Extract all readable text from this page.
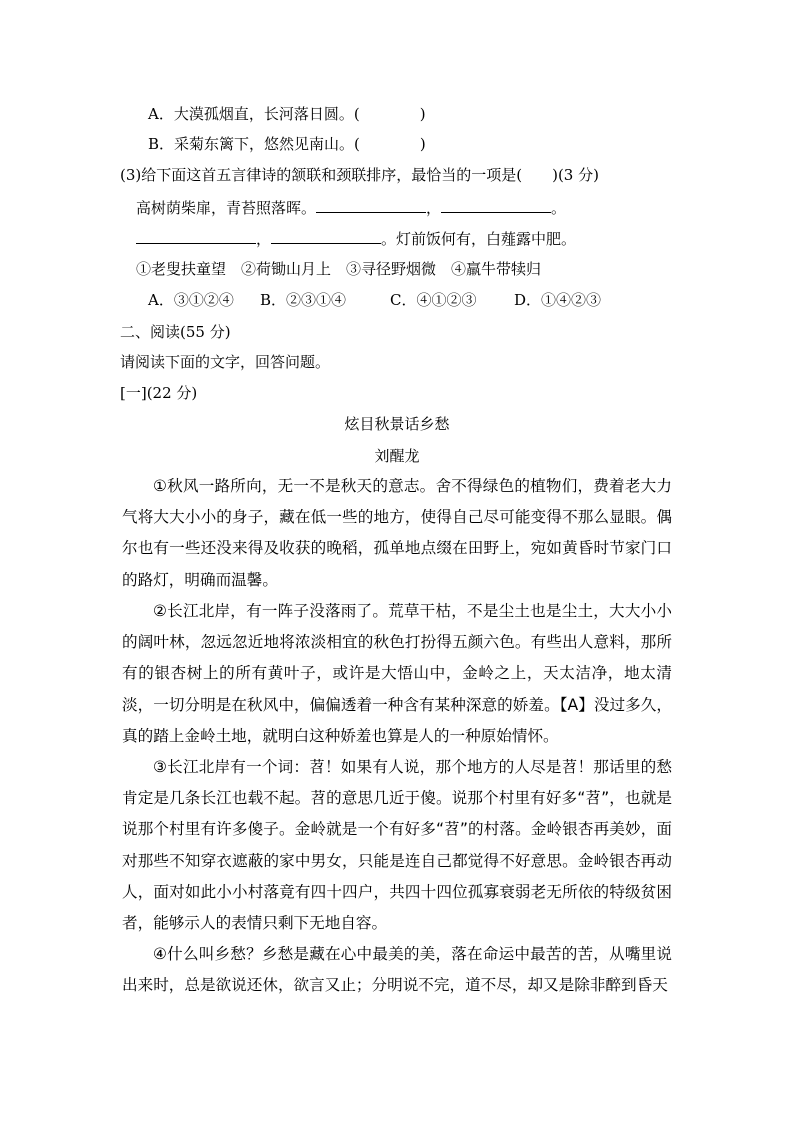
A．大漠孤烟直，长河落日圆。(	)
B．采菊东篱下，悠然见南山。(	)
(3)给下面这首五言律诗的颔联和颈联排序，最恰当的一项是(　　)(3 分)
高树荫柴扉，青苔照落晖。	，	。
，	。灯前饭何有，白薤露中肥。
①老叟扶童望　②荷锄山月上　③寻径野烟微　④羸牛带犊归
A．③①②④ B．②③①④	C．④①②③	D．①④②③
二、阅读(55 分)
请阅读下面的文字，回答问题。
[一](22 分)
炫目秋景话乡愁
刘醒龙
①秋风一路所向，无一不是秋天的意志。舍不得绿色的植物们，费着老大力气将大大小小的身子，藏在低一些的地方，使得自己尽可能变得不那么显眼。偶尔也有一些还没来得及收获的晚稻，孤单地点缀在田野上，宛如黄昏时节家门口的路灯，明确而温馨。
②长江北岸，有一阵子没落雨了。荒草干枯，不是尘土也是尘土，大大小小的阔叶林，忽远忽近地将浓淡相宜的秋色打扮得五颜六色。有些出人意料，那所有的银杏树上的所有黄叶子，或许是大悟山中，金岭之上，天太洁净，地太清淡，一切分明是在秋风中，偏偏透着一种含有某种深意的娇羞。【A】没过多久，真的踏上金岭土地，就明白这种娇羞也算是人的一种原始情怀。
③长江北岸有一个词：苕！如果有人说，那个地方的人尽是苕！那话里的愁肯定是几条长江也载不起。苕的意思几近于傻。说那个村里有好多“苕”，也就是说那个村里有许多傻子。金岭就是一个有好多“苕”的村落。金岭银杏再美妙，面对那些不知穿衣遮蔽的家中男女，只能是连自己都觉得不好意思。金岭银杏再动人，面对如此小小村落竟有四十四户，共四十四位孤寡衰弱老无所依的特级贫困者，能够示人的表情只剩下无地自容。
④什么叫乡愁？乡愁是藏在心中最美的美，落在命运中最苦的苦，从嘴里说出来时，总是欲说还休，欲言又止；分明说不完，道不尽，却又是除非醉到昏天
